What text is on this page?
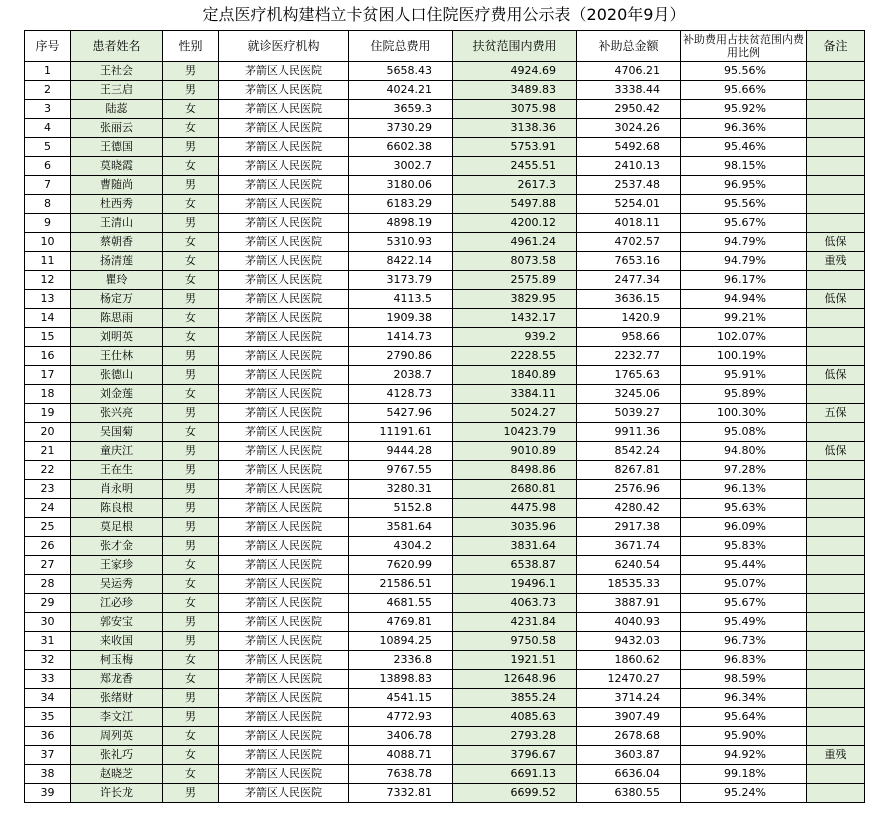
定点医疗机构建档立卡贫困人口住院医疗费用公示表（2020年9月）
序号	患者姓名	性别	就诊医疗机构	住院总费用	扶贫范围内费用	补助总金额	补助费用占扶贫范围内费用比例	备注
1	王社会	男	茅箭区人民医院	5658.43	4924.69	4706.21	95.56%	
2	王三启	男	茅箭区人民医院	4024.21	3489.83	3338.44	95.66%	
3	陆蕊	女	茅箭区人民医院	3659.3	3075.98	2950.42	95.92%	
4	张丽云	女	茅箭区人民医院	3730.29	3138.36	3024.26	96.36%	
5	王德国	男	茅箭区人民医院	6602.38	5753.91	5492.68	95.46%	
6	莫晓霞	女	茅箭区人民医院	3002.7	2455.51	2410.13	98.15%	
7	曹随尚	男	茅箭区人民医院	3180.06	2617.3	2537.48	96.95%	
8	杜西秀	女	茅箭区人民医院	6183.29	5497.88	5254.01	95.56%	
9	王清山	男	茅箭区人民医院	4898.19	4200.12	4018.11	95.67%	
10	蔡朝香	女	茅箭区人民医院	5310.93	4961.24	4702.57	94.79%	低保
11	扬清莲	女	茅箭区人民医院	8422.14	8073.58	7653.16	94.79%	重残
12	瞿玲	女	茅箭区人民医院	3173.79	2575.89	2477.34	96.17%	
13	杨定万	男	茅箭区人民医院	4113.5	3829.95	3636.15	94.94%	低保
14	陈思雨	女	茅箭区人民医院	1909.38	1432.17	1420.9	99.21%	
15	刘明英	女	茅箭区人民医院	1414.73	939.2	958.66	102.07%	
16	王仕林	男	茅箭区人民医院	2790.86	2228.55	2232.77	100.19%	
17	张德山	男	茅箭区人民医院	2038.7	1840.89	1765.63	95.91%	低保
18	刘金莲	女	茅箭区人民医院	4128.73	3384.11	3245.06	95.89%	
19	张兴亮	男	茅箭区人民医院	5427.96	5024.27	5039.27	100.30%	五保
20	吴国菊	女	茅箭区人民医院	11191.61	10423.79	9911.36	95.08%	
21	童庆江	男	茅箭区人民医院	9444.28	9010.89	8542.24	94.80%	低保
22	王在生	男	茅箭区人民医院	9767.55	8498.86	8267.81	97.28%	
23	肖永明	男	茅箭区人民医院	3280.31	2680.81	2576.96	96.13%	
24	陈良根	男	茅箭区人民医院	5152.8	4475.98	4280.42	95.63%	
25	莫足根	男	茅箭区人民医院	3581.64	3035.96	2917.38	96.09%	
26	张才金	男	茅箭区人民医院	4304.2	3831.64	3671.74	95.83%	
27	王家珍	女	茅箭区人民医院	7620.99	6538.87	6240.54	95.44%	
28	吴运秀	女	茅箭区人民医院	21586.51	19496.1	18535.33	95.07%	
29	江必珍	女	茅箭区人民医院	4681.55	4063.73	3887.91	95.67%	
30	郭安宝	男	茅箭区人民医院	4769.81	4231.84	4040.93	95.49%	
31	来收国	男	茅箭区人民医院	10894.25	9750.58	9432.03	96.73%	
32	柯玉梅	女	茅箭区人民医院	2336.8	1921.51	1860.62	96.83%	
33	郑龙香	女	茅箭区人民医院	13898.83	12648.96	12470.27	98.59%	
34	张绪财	男	茅箭区人民医院	4541.15	3855.24	3714.24	96.34%	
35	李文江	男	茅箭区人民医院	4772.93	4085.63	3907.49	95.64%	
36	周列英	女	茅箭区人民医院	3406.78	2793.28	2678.68	95.90%	
37	张礼巧	女	茅箭区人民医院	4088.71	3796.67	3603.87	94.92%	重残
38	赵晓芝	女	茅箭区人民医院	7638.78	6691.13	6636.04	99.18%	
39	许长龙	男	茅箭区人民医院	7332.81	6699.52	6380.55	95.24%	
